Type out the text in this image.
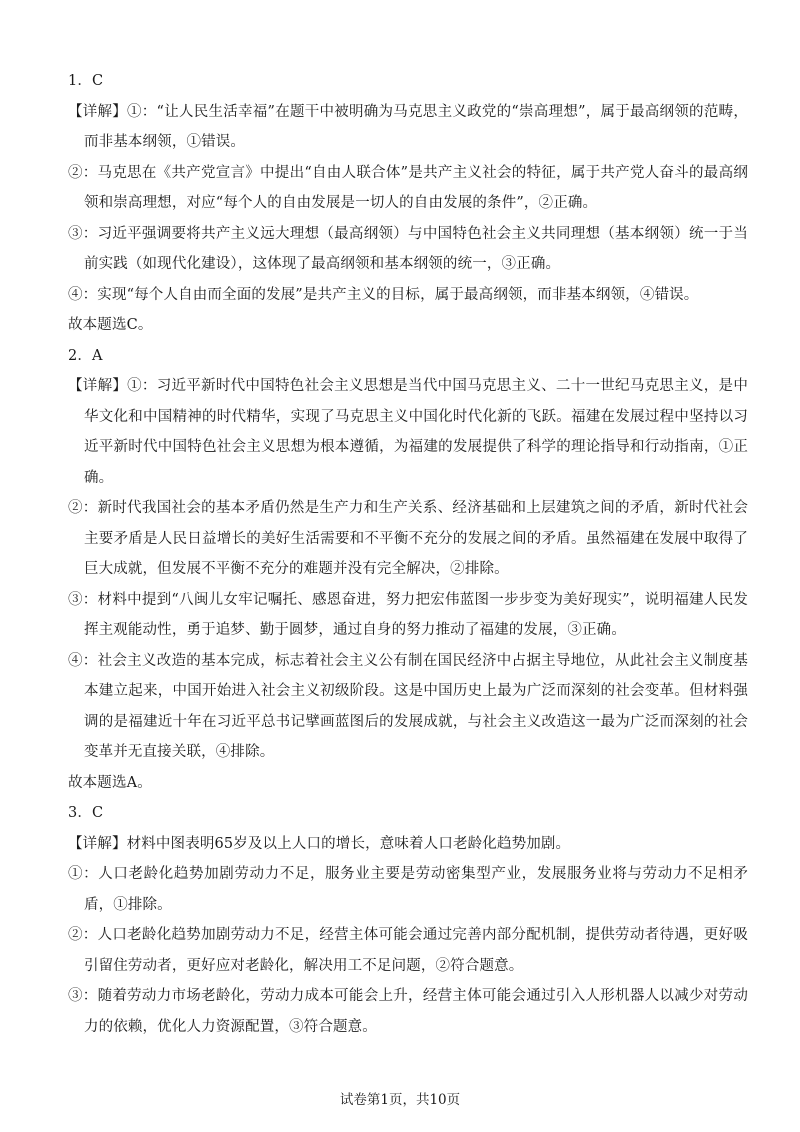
1．C

【详解】①：“让人民生活幸福”在题干中被明确为马克思主义政党的“崇高理想”，属于最高纲领的范畴，而非基本纲领，①错误。

②：马克思在《共产党宣言》中提出“自由人联合体”是共产主义社会的特征，属于共产党人奋斗的最高纲领和崇高理想，对应“每个人的自由发展是一切人的自由发展的条件”，②正确。

③：习近平强调要将共产主义远大理想（最高纲领）与中国特色社会主义共同理想（基本纲领）统一于当前实践（如现代化建设），这体现了最高纲领和基本纲领的统一，③正确。

④：实现“每个人自由而全面的发展”是共产主义的目标，属于最高纲领，而非基本纲领，④错误。

故本题选C。

2．A

【详解】①：习近平新时代中国特色社会主义思想是当代中国马克思主义、二十一世纪马克思主义，是中华文化和中国精神的时代精华，实现了马克思主义中国化时代化新的飞跃。福建在发展过程中坚持以习近平新时代中国特色社会主义思想为根本遵循，为福建的发展提供了科学的理论指导和行动指南，①正确。

②：新时代我国社会的基本矛盾仍然是生产力和生产关系、经济基础和上层建筑之间的矛盾，新时代社会主要矛盾是人民日益增长的美好生活需要和不平衡不充分的发展之间的矛盾。虽然福建在发展中取得了巨大成就，但发展不平衡不充分的难题并没有完全解决，②排除。

③：材料中提到“八闽儿女牢记嘱托、感恩奋进，努力把宏伟蓝图一步步变为美好现实”，说明福建人民发挥主观能动性，勇于追梦、勤于圆梦，通过自身的努力推动了福建的发展，③正确。

④：社会主义改造的基本完成，标志着社会主义公有制在国民经济中占据主导地位，从此社会主义制度基本建立起来，中国开始进入社会主义初级阶段。这是中国历史上最为广泛而深刻的社会变革。但材料强调的是福建近十年在习近平总书记擘画蓝图后的发展成就，与社会主义改造这一最为广泛而深刻的社会变革并无直接关联，④排除。

故本题选A。

3．C

【详解】材料中图表明65岁及以上人口的增长，意味着人口老龄化趋势加剧。

①：人口老龄化趋势加剧劳动力不足，服务业主要是劳动密集型产业，发展服务业将与劳动力不足相矛盾，①排除。

②：人口老龄化趋势加剧劳动力不足，经营主体可能会通过完善内部分配机制，提供劳动者待遇，更好吸引留住劳动者，更好应对老龄化，解决用工不足问题，②符合题意。

③：随着劳动力市场老龄化，劳动力成本可能会上升，经营主体可能会通过引入人形机器人以减少对劳动力的依赖，优化人力资源配置，③符合题意。

试卷第1页，共10页
